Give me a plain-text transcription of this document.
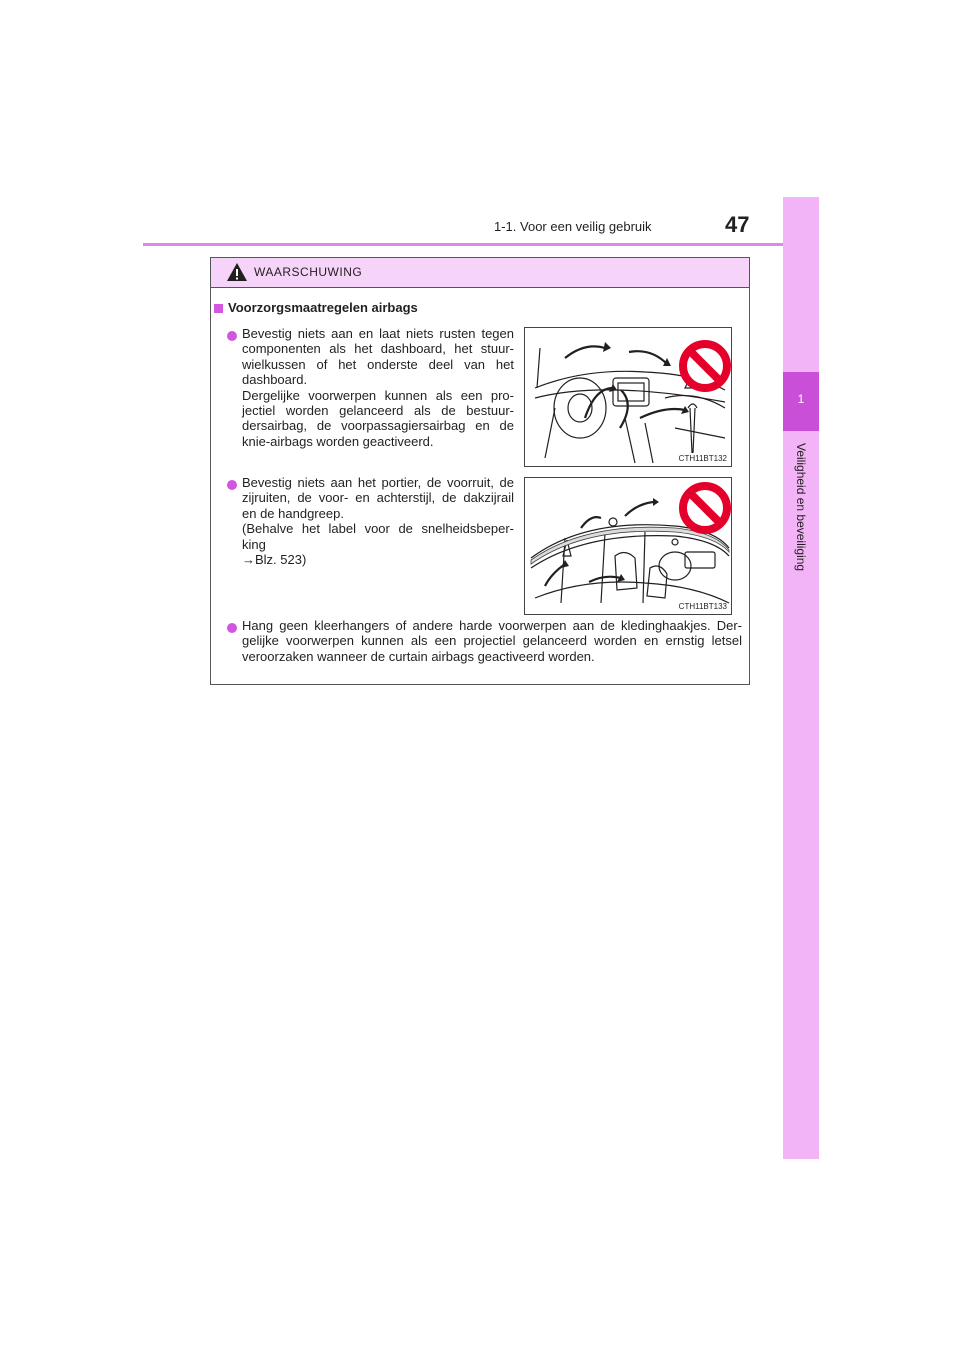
1-1. Voor een veilig gebruik	47
1
Veiligheid en beveiliging
WAARSCHUWING
Voorzorgsmaatregelen airbags
Bevestig niets aan en laat niets rusten tegen
componenten als het dashboard, het stuur-
wielkussen of het onderste deel van het
dashboard.
Dergelijke voorwerpen kunnen als een pro-
jectiel worden gelanceerd als de bestuur-
dersairbag, de voorpassagiersairbag en de
knie-airbags worden geactiveerd.
CTH11BT132
Bevestig niets aan het portier, de voorruit, de
zijruiten, de voor- en achterstijl, de dakzijrail
en de handgreep.
(Behalve het label voor de snelheidsbeper-
king
→Blz. 523)
CTH11BT133
Hang geen kleerhangers of andere harde voorwerpen aan de kledinghaakjes. Der-
gelijke voorwerpen kunnen als een projectiel gelanceerd worden en ernstig letsel
veroorzaken wanneer de curtain airbags geactiveerd worden.
